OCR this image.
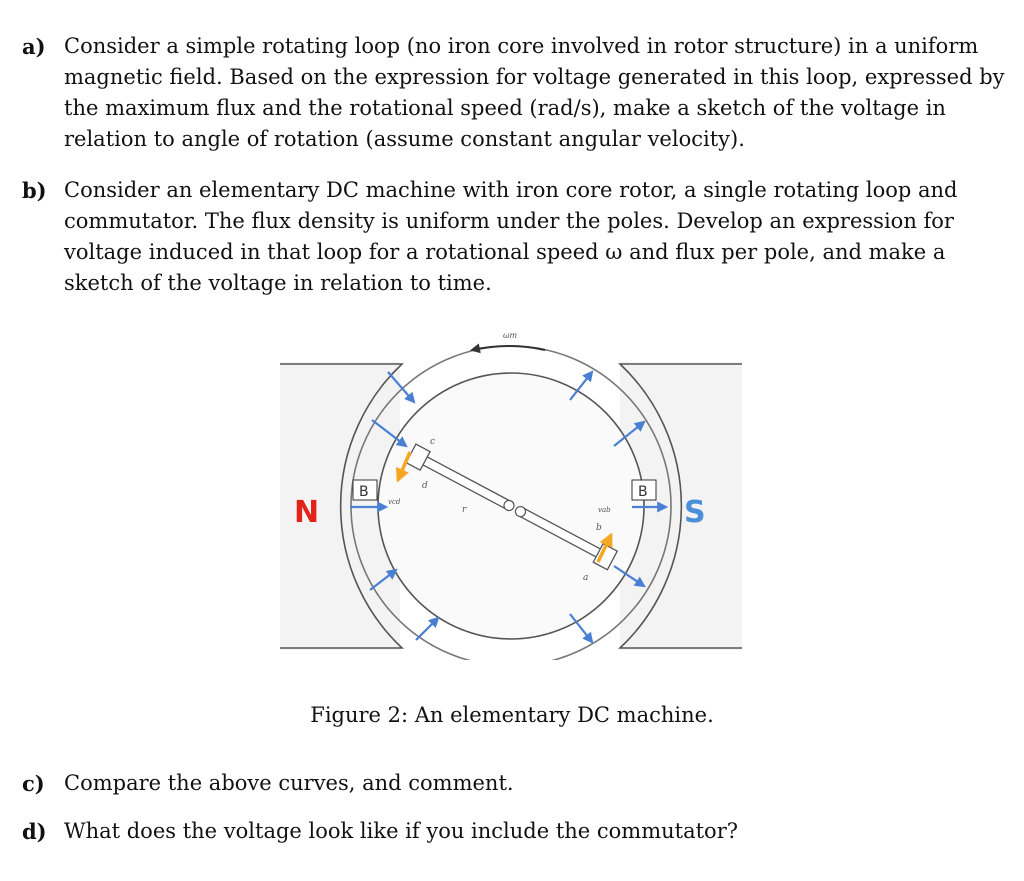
a) Consider a simple rotating loop (no iron core involved in rotor structure) in a uniform magnetic field. Based on the expression for voltage generated in this loop, expressed by the maximum flux and the rotational speed (rad/s), make a sketch of the voltage in relation to angle of rotation (assume constant angular velocity).
b) Consider an elementary DC machine with iron core rotor, a single rotating loop and commutator. The flux density is uniform under the poles. Develop an expression for voltage induced in that loop for a rotational speed ω and flux per pole, and make a sketch of the voltage in relation to time.
ωm
N	S
B	B
c
d
vcd
r	vab
b
a
Figure 2: An elementary DC machine.
c) Compare the above curves, and comment.
d) What does the voltage look like if you include the commutator?
